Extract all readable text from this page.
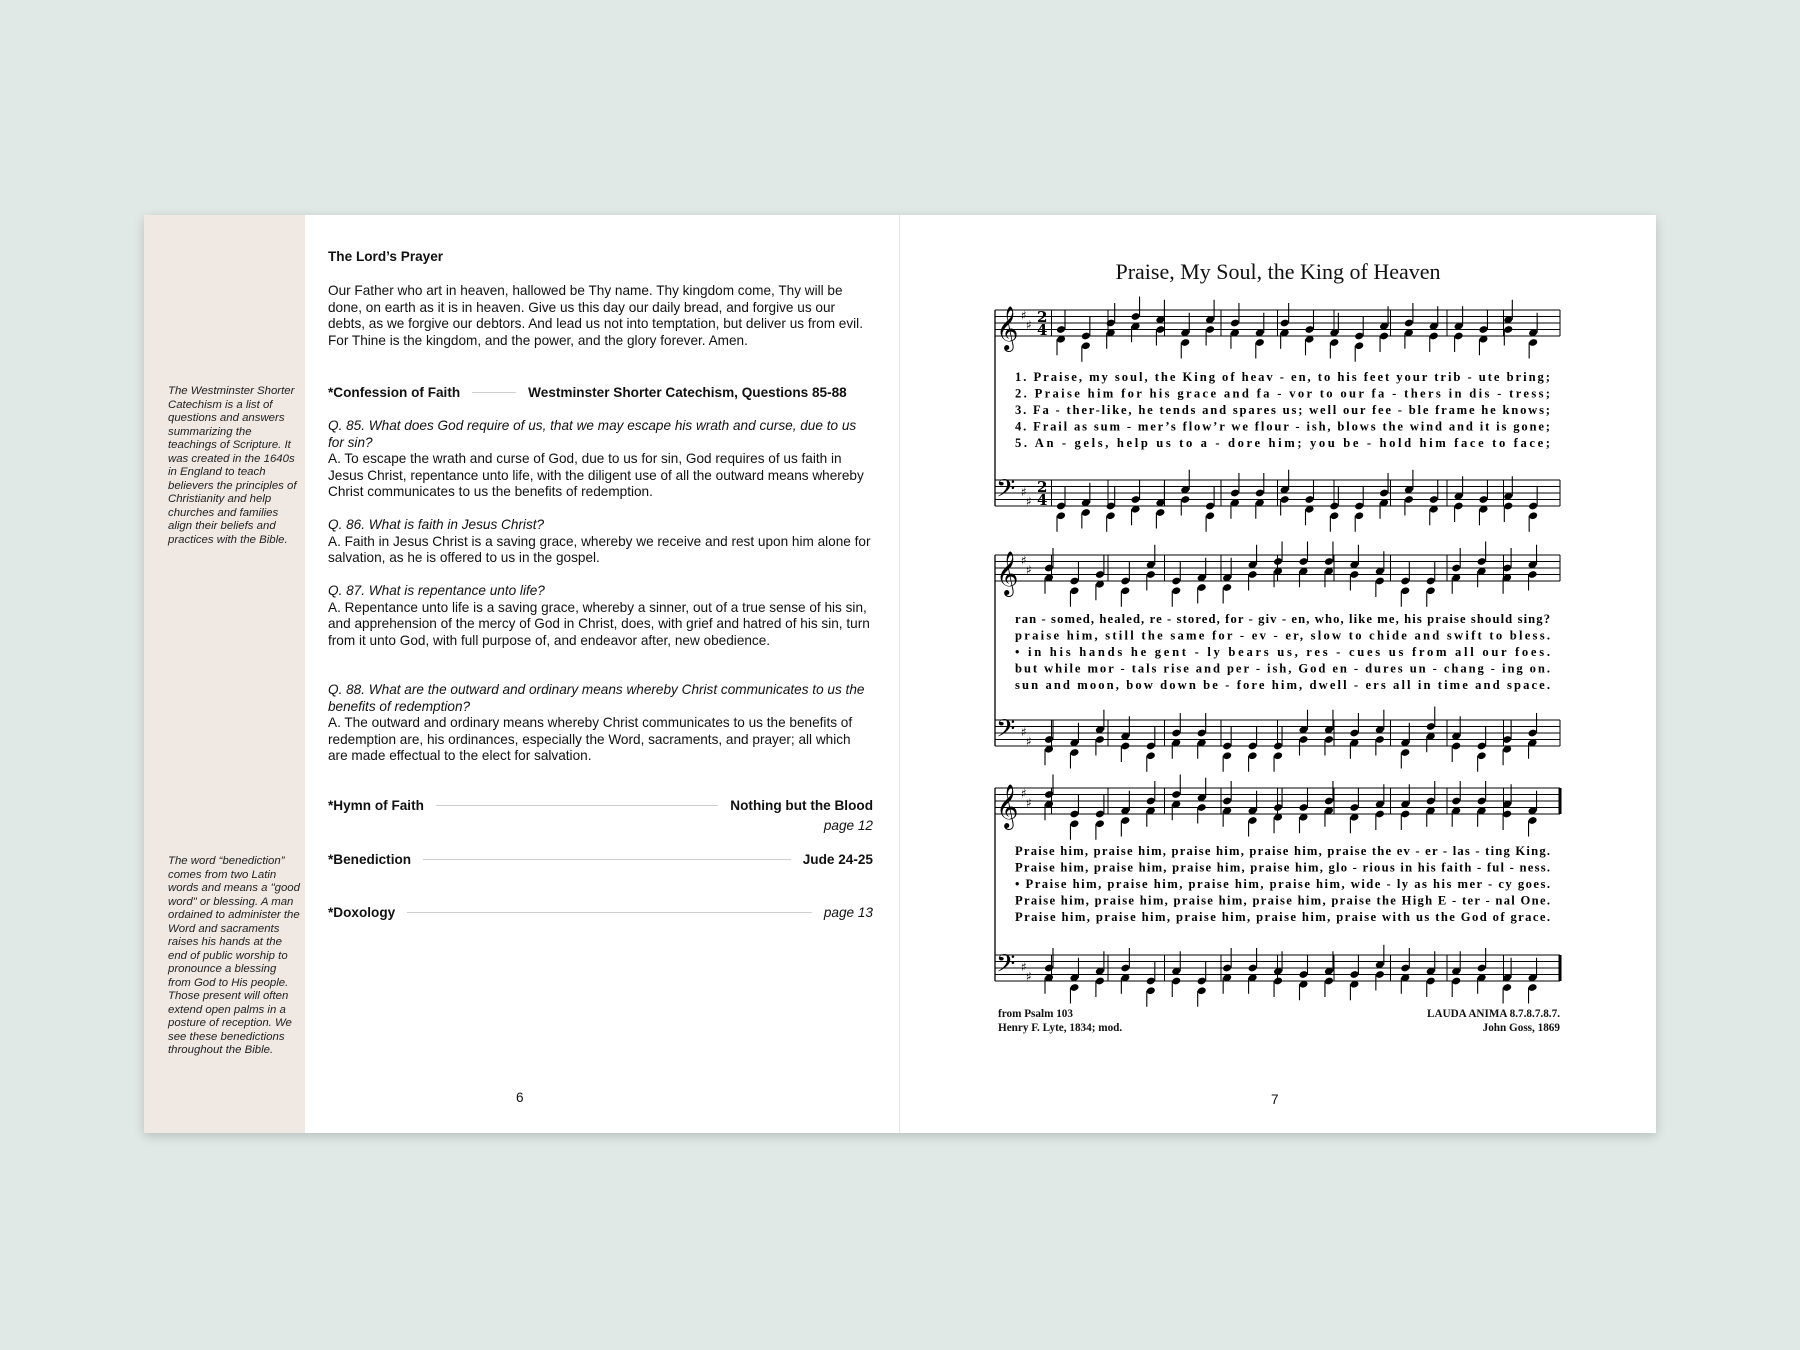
The Westminster Shorter Catechism is a list of questions and answers summarizing the teachings of Scripture. It was created in the 1640s in England to teach believers the principles of Christianity and help churches and families align their beliefs and practices with the Bible.
The word “benediction” comes from two Latin words and means a "good word" or blessing. A man ordained to administer the Word and sacraments raises his hands at the end of public worship to pronounce a blessing from God to His people. Those present will often extend open palms in a posture of reception. We see these benedictions throughout the Bible.
The Lord’s Prayer
Our Father who art in heaven, hallowed be Thy name. Thy kingdom come, Thy will be done, on earth as it is in heaven. Give us this day our daily bread, and forgive us our debts, as we forgive our debtors. And lead us not into temptation, but deliver us from evil. For Thine is the kingdom, and the power, and the glory forever. Amen.
*Confession of Faith	Westminster Shorter Catechism, Questions 85-88
Q. 85. What does God require of us, that we may escape his wrath and curse, due to us for sin?
A. To escape the wrath and curse of God, due to us for sin, God requires of us faith in Jesus Christ, repentance unto life, with the diligent use of all the outward means whereby Christ communicates to us the benefits of redemption.
Q. 86. What is faith in Jesus Christ?
A. Faith in Jesus Christ is a saving grace, whereby we receive and rest upon him alone for salvation, as he is offered to us in the gospel.
Q. 87. What is repentance unto life?
A. Repentance unto life is a saving grace, whereby a sinner, out of a true sense of his sin, and apprehension of the mercy of God in Christ, does, with grief and hatred of his sin, turn from it unto God, with full purpose of, and endeavor after, new obedience.
Q. 88. What are the outward and ordinary means whereby Christ communicates to us the benefits of redemption?
A. The outward and ordinary means whereby Christ communicates to us the benefits of redemption are, his ordinances, especially the Word, sacraments, and prayer; all which are made effectual to the elect for salvation.
*Hymn of Faith	Nothing but the Blood
page 12
*Benediction	Jude 24-25
*Doxology	page 13
6
Praise, My Soul, the King of Heaven
𝄞
𝄢
♯
♯
♯
♯
2
4
2
4
𝄞
𝄢
♯
♯
♯
♯
𝄞
𝄢
♯
♯
♯
♯
1. Praise, my soul, the King of heav - en, to his feet your trib - ute bring;
2. Praise him for his grace and fa - vor to our fa - thers in dis - tress;
3. Fa - ther-like, he tends and spares us; well our fee - ble frame he knows;
4. Frail as sum - mer’s flow’r we flour - ish, blows the wind and it is gone;
5. An - gels, help us to a - dore him; you be - hold him face to face;
ran - somed, healed, re - stored, for - giv - en, who, like me, his praise should sing?
praise him, still the same for - ev - er, slow to chide and swift to bless.
• in his hands he gent - ly bears us, res - cues us from all our foes.
but while mor - tals rise and per - ish, God en - dures un - chang - ing on.
sun and moon, bow down be - fore him, dwell - ers all in time and space.
Praise him, praise him, praise him, praise him, praise the ev - er - las - ting King.
Praise him, praise him, praise him, praise him, glo - rious in his faith - ful - ness.
• Praise him, praise him, praise him, praise him, wide - ly as his mer - cy goes.
Praise him, praise him, praise him, praise him, praise the High E - ter - nal One.
Praise him, praise him, praise him, praise him, praise with us the God of grace.
from Psalm 103
Henry F. Lyte, 1834; mod.
LAUDA ANIMA 8.7.8.7.8.7.
John Goss, 1869
7
